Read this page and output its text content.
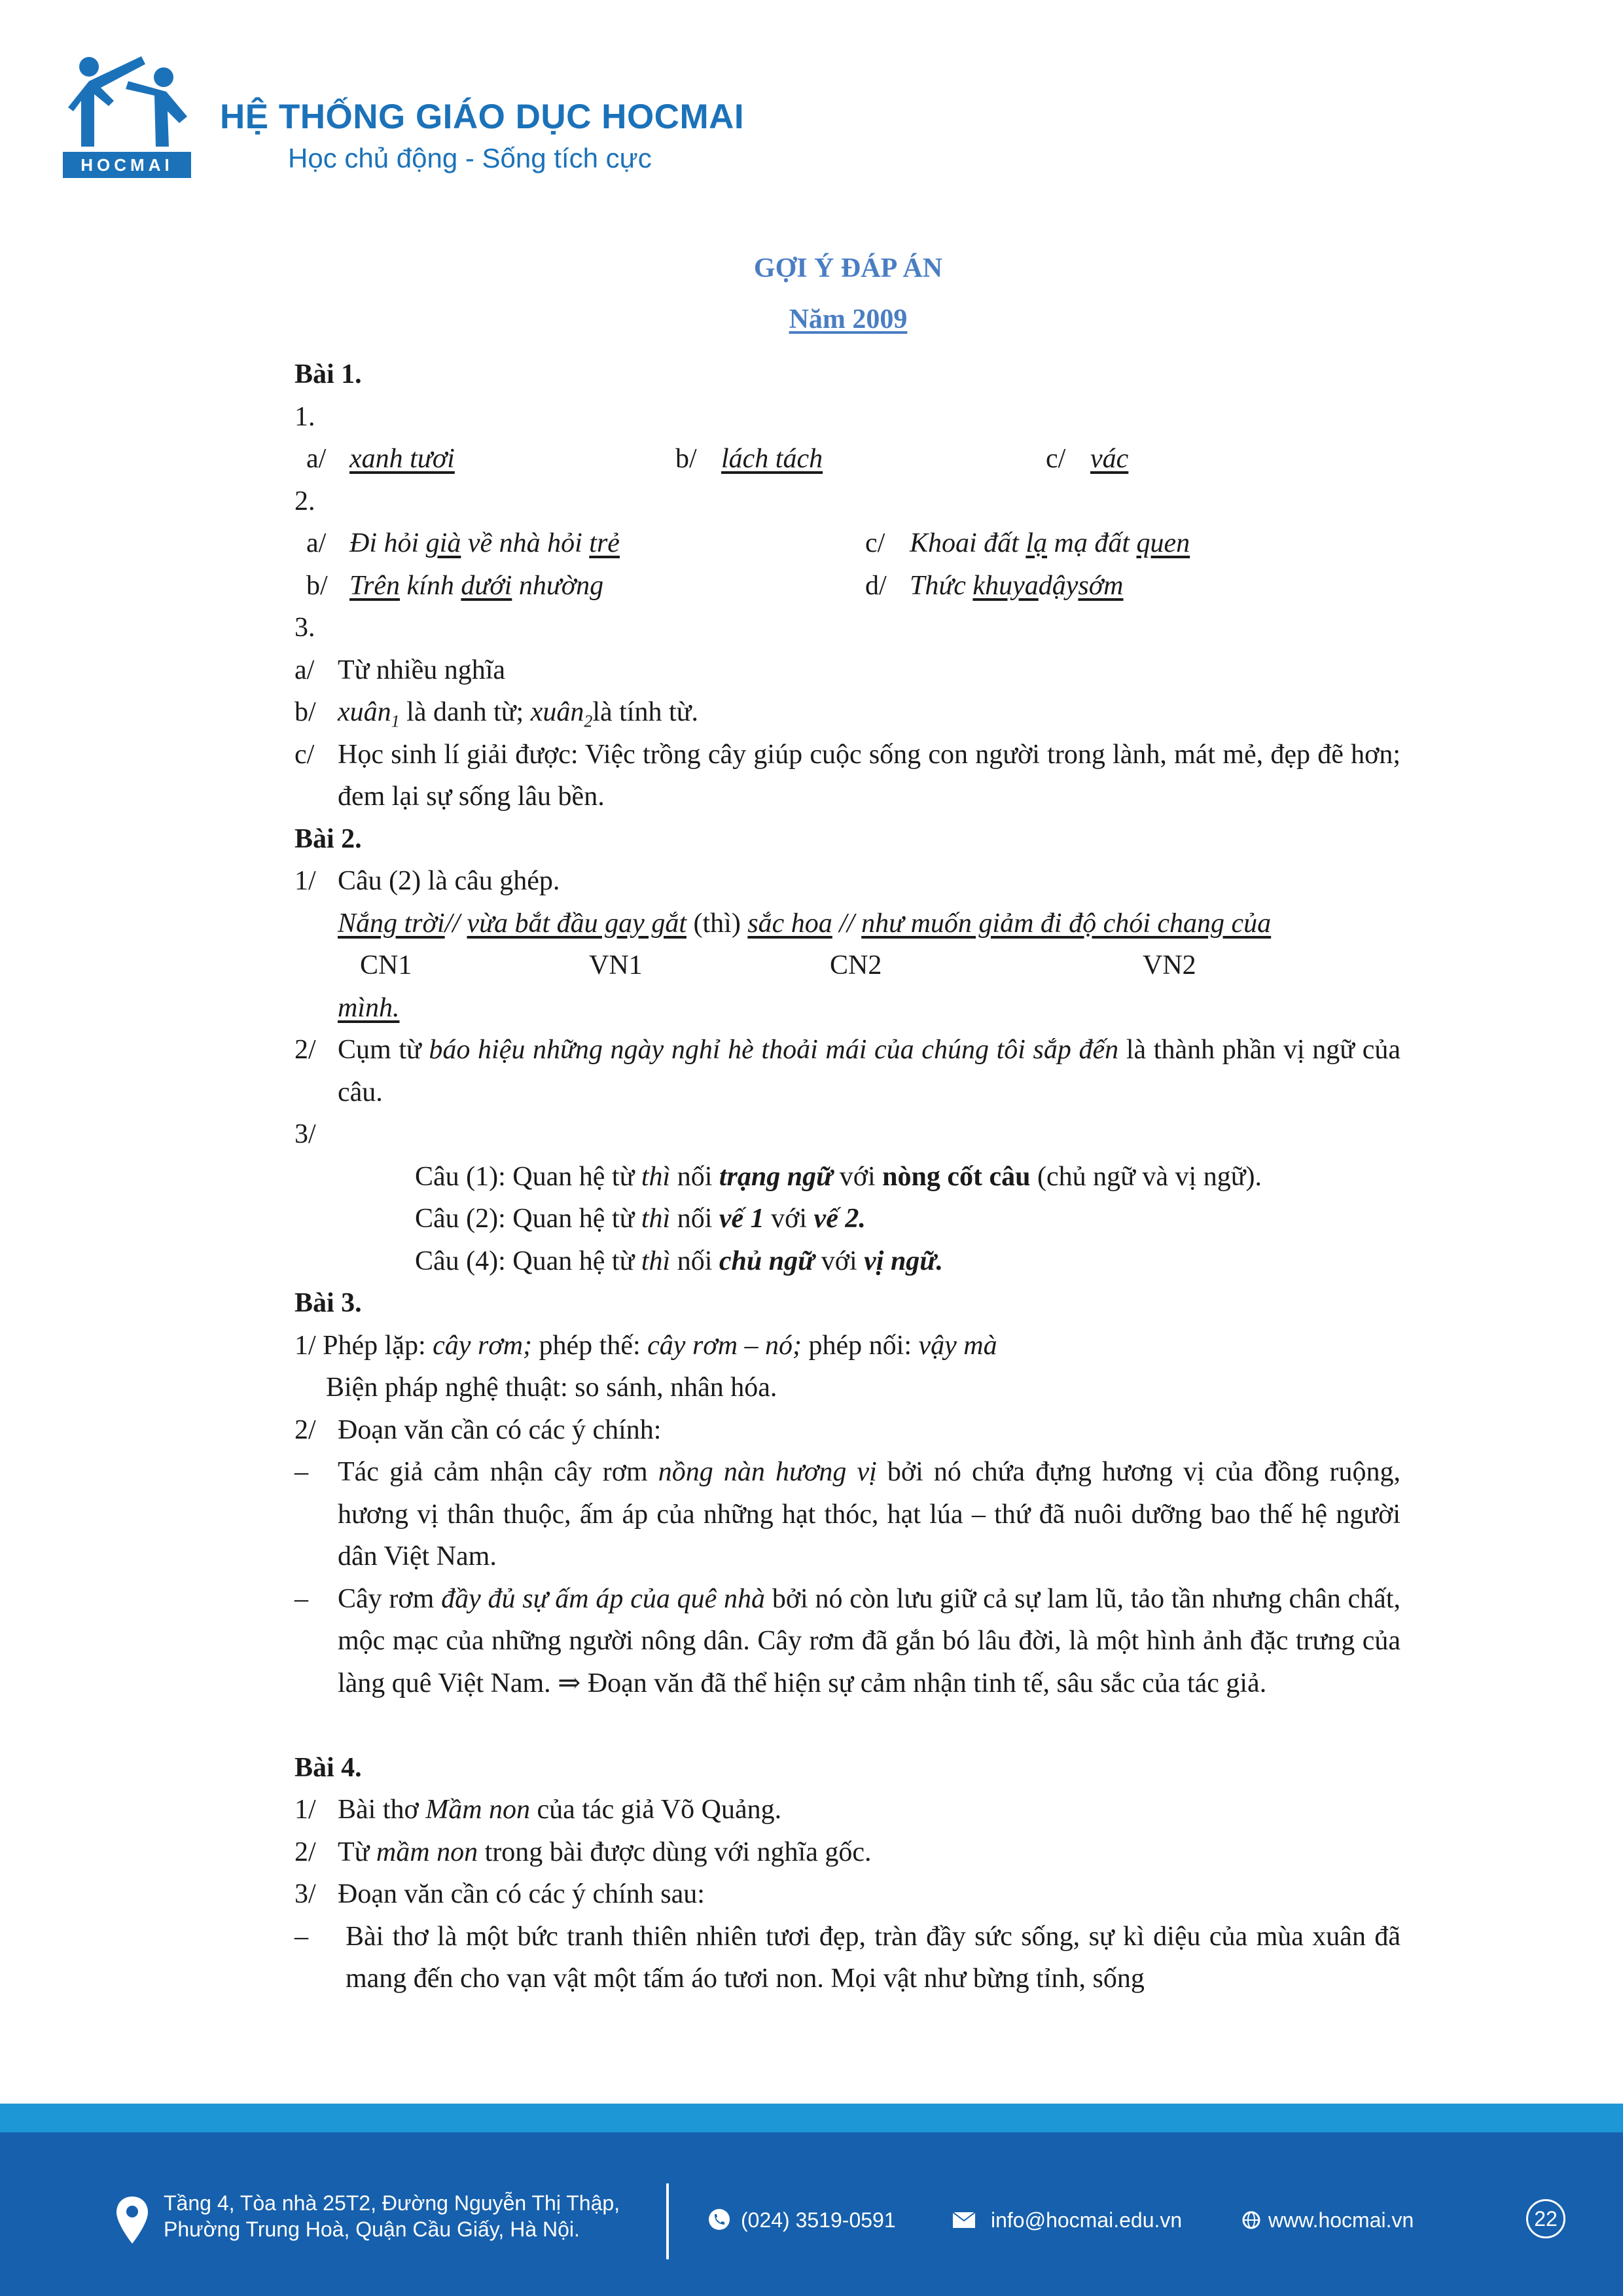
HOCMAI
HỆ THỐNG GIÁO DỤC HOCMAI
Học chủ động - Sống tích cực
GỢI Ý ĐÁP ÁN
Năm 2009
Bài 1.
1.
a/ xanh tươi	b/ lách tách	c/ vác
2.
a/ Đi hỏi già về nhà hỏi trẻ	c/ Khoai đất lạ mạ đất quen
b/ Trên kính dưới nhường	d/ Thức khuyadậysớm
3.
a/ Từ nhiều nghĩa
b/ xuân$_1$ là danh từ; xuân$_2$là tính từ.
c/ Học sinh lí giải được: Việc trồng cây giúp cuộc sống con người trong lành, mát mẻ, đẹp đẽ hơn; đem lại sự sống lâu bền.
Bài 2.
1/ Câu (2) là câu ghép.
Nắng trời// vừa bắt đầu gay gắt (thì) sắc hoa // như muốn giảm đi độ chói chang của
CN1	VN1	CN2	VN2
mình.
2/ Cụm từ báo hiệu những ngày nghỉ hè thoải mái của chúng tôi sắp đến là thành phần vị ngữ của câu.
3/
Câu (1): Quan hệ từ thì nối trạng ngữ với nòng cốt câu (chủ ngữ và vị ngữ).
Câu (2): Quan hệ từ thì nối vế 1 với vế 2.
Câu (4): Quan hệ từ thì nối chủ ngữ với vị ngữ.
Bài 3.
1/ Phép lặp: cây rơm; phép thế: cây rơm – nó; phép nối: vậy mà
Biện pháp nghệ thuật: so sánh, nhân hóa.
2/ Đoạn văn cần có các ý chính:
–	Tác giả cảm nhận cây rơm nồng nàn hương vị bởi nó chứa đựng hương vị của đồng ruộng, hương vị thân thuộc, ấm áp của những hạt thóc, hạt lúa – thứ đã nuôi dưỡng bao thế hệ người dân Việt Nam.
–	Cây rơm đầy đủ sự ấm áp của quê nhà bởi nó còn lưu giữ cả sự lam lũ, tảo tần nhưng chân chất, mộc mạc của những người nông dân. Cây rơm đã gắn bó lâu đời, là một hình ảnh đặc trưng của làng quê Việt Nam. ⇒ Đoạn văn đã thể hiện sự cảm nhận tinh tế, sâu sắc của tác giả.
Bài 4.
1/ Bài thơ Mầm non của tác giả Võ Quảng.
2/ Từ mầm non trong bài được dùng với nghĩa gốc.
3/ Đoạn văn cần có các ý chính sau:
–	Bài thơ là một bức tranh thiên nhiên tươi đẹp, tràn đầy sức sống, sự kì diệu của mùa xuân đã mang đến cho vạn vật một tấm áo tươi non. Mọi vật như bừng tỉnh, sống
Tầng 4, Tòa nhà 25T2, Đường Nguyễn Thị Thập,
Phường Trung Hoà, Quận Cầu Giấy, Hà Nội.	(024) 3519-0591	info@hocmai.edu.vn	www.hocmai.vn	22
